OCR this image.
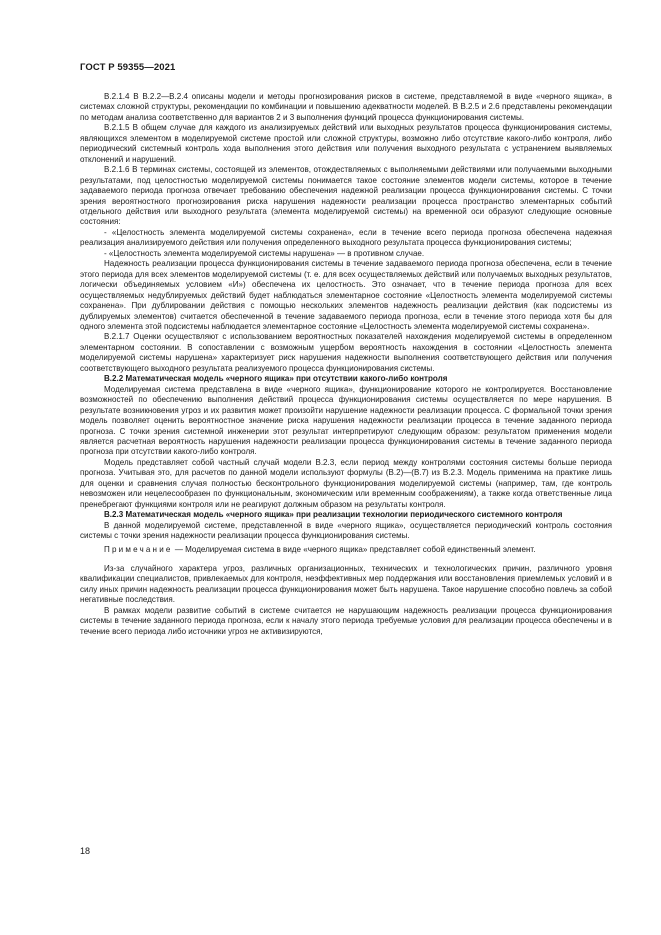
ГОСТ Р 59355—2021

В.2.1.4 В В.2.2—В.2.4 описаны модели и методы прогнозирования рисков в системе, представляемой в виде «черного ящика», в системах сложной структуры, рекомендации по комбинации и повышению адекватности моделей. В В.2.5 и 2.6 представлены рекомендации по методам анализа соответственно для вариантов 2 и 3 выполнения функций процесса функционирования системы.

В.2.1.5 В общем случае для каждого из анализируемых действий или выходных результатов процесса функционирования системы, являющихся элементом в моделируемой системе простой или сложной структуры, возможно либо отсутствие какого-либо контроля, либо периодический системный контроль хода выполнения этого действия или получения выходного результата с устранением выявляемых отклонений и нарушений.

В.2.1.6 В терминах системы, состоящей из элементов, отождествляемых с выполняемыми действиями или получаемыми выходными результатами, под целостностью моделируемой системы понимается такое состояние элементов модели системы, которое в течение задаваемого периода прогноза отвечает требованию обеспечения надежной реализации процесса функционирования системы. С точки зрения вероятностного прогнозирования риска нарушения надежности реализации процесса пространство элементарных событий отдельного действия или выходного результата (элемента моделируемой системы) на временной оси образуют следующие основные состояния:

- «Целостность элемента моделируемой системы сохранена», если в течение всего периода прогноза обеспечена надежная реализация анализируемого действия или получения определенного выходного результата процесса функционирования системы;

- «Целостность элемента моделируемой системы нарушена» — в противном случае.

Надежность реализации процесса функционирования системы в течение задаваемого периода прогноза обеспечена, если в течение этого периода для всех элементов моделируемой системы (т. е. для всех осуществляемых действий или получаемых выходных результатов, логически объединяемых условием «И») обеспечена их целостность. Это означает, что в течение периода прогноза для всех осуществляемых недублируемых действий будет наблюдаться элементарное состояние «Целостность элемента моделируемой системы сохранена». При дублировании действия с помощью нескольких элементов надежность реализации действия (как подсистемы из дублируемых элементов) считается обеспеченной в течение задаваемого периода прогноза, если в течение этого периода хотя бы для одного элемента этой подсистемы наблюдается элементарное состояние «Целостность элемента моделируемой системы сохранена».

В.2.1.7 Оценки осуществляют с использованием вероятностных показателей нахождения моделируемой системы в определенном элементарном состоянии. В сопоставлении с возможным ущербом вероятность нахождения в состоянии «Целостность элемента моделируемой системы нарушена» характеризует риск нарушения надежности выполнения соответствующего действия или получения соответствующего выходного результата реализуемого процесса функционирования системы.

В.2.2 Математическая модель «черного ящика» при отсутствии какого-либо контроля

Моделируемая система представлена в виде «черного ящика», функционирование которого не контролируется. Восстановление возможностей по обеспечению выполнения действий процесса функционирования системы осуществляется по мере нарушения. В результате возникновения угроз и их развития может произойти нарушение надежности реализации процесса. С формальной точки зрения модель позволяет оценить вероятностное значение риска нарушения надежности реализации процесса в течение заданного периода прогноза. С точки зрения системной инженерии этот результат интерпретируют следующим образом: результатом применения модели является расчетная вероятность нарушения надежности реализации процесса функционирования системы в течение заданного периода прогноза при отсутствии какого-либо контроля.

Модель представляет собой частный случай модели В.2.3, если период между контролями состояния системы больше периода прогноза. Учитывая это, для расчетов по данной модели используют формулы (В.2)—(В.7) из В.2.3. Модель применима на практике лишь для оценки и сравнения случая полностью бесконтрольного функционирования моделируемой системы (например, там, где контроль невозможен или нецелесообразен по функциональным, экономическим или временным соображениям), а также когда ответственные лица пренебрегают функциями контроля или не реагируют должным образом на результаты контроля.

В.2.3 Математическая модель «черного ящика» при реализации технологии периодического системного контроля

В данной моделируемой системе, представленной в виде «черного ящика», осуществляется периодический контроль состояния системы с точки зрения надежности реализации процесса функционирования системы.

Примечание — Моделируемая система в виде «черного ящика» представляет собой единственный элемент.

Из-за случайного характера угроз, различных организационных, технических и технологических причин, различного уровня квалификации специалистов, привлекаемых для контроля, неэффективных мер поддержания или восстановления приемлемых условий и в силу иных причин надежность реализации процесса функционирования может быть нарушена. Такое нарушение способно повлечь за собой негативные последствия.

В рамках модели развитие событий в системе считается не нарушающим надежность реализации процесса функционирования системы в течение заданного периода прогноза, если к началу этого периода требуемые условия для реализации процесса обеспечены и в течение всего периода либо источники угроз не активизируются,

18
